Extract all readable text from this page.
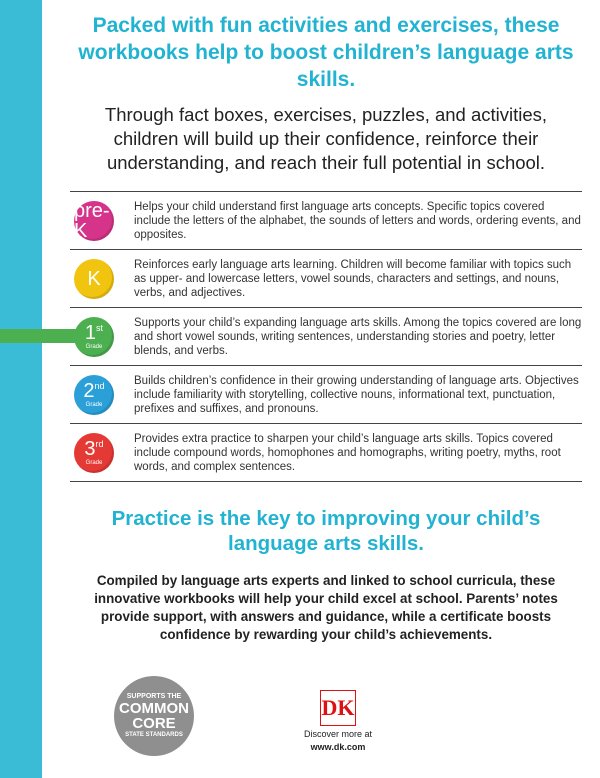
Jacket images: Front: Dreamstime: Lumina, Christophe Testi; DK: Dave King
Packed with fun activities and exercises, these workbooks help to boost children’s language arts skills.
Through fact boxes, exercises, puzzles, and activities, children will build up their confidence, reinforce their understanding, and reach their full potential in school.
pre-K
Helps your child understand first language arts concepts. Specific topics covered include the letters of the alphabet, the sounds of letters and words, ordering events, and opposites.
K
Reinforces early language arts learning. Children will become familiar with topics such as upper- and lowercase letters, vowel sounds, characters and settings, and nouns, verbs, and adjectives.
1st
Grade
Supports your child’s expanding language arts skills. Among the topics covered are long and short vowel sounds, writing sentences, understanding stories and poetry, letter blends, and verbs.
2nd
Grade
Builds children’s confidence in their growing understanding of language arts. Objectives include familiarity with storytelling, collective nouns, informational text, punctuation, prefixes and suffixes, and pronouns.
3rd
Grade
Provides extra practice to sharpen your child’s language arts skills. Topics covered include compound words, homophones and homographs, writing poetry, myths, root words, and complex sentences.
Practice is the key to improving your child’s language arts skills.
Compiled by language arts experts and linked to school curricula, these innovative workbooks will help your child excel at school. Parents’ notes provide support, with answers and guidance, while a certificate boosts confidence by rewarding your child’s achievements.
SUPPORTS THE
COMMON CORE
STATE STANDARDS
DK
Discover more at
www.dk.com
